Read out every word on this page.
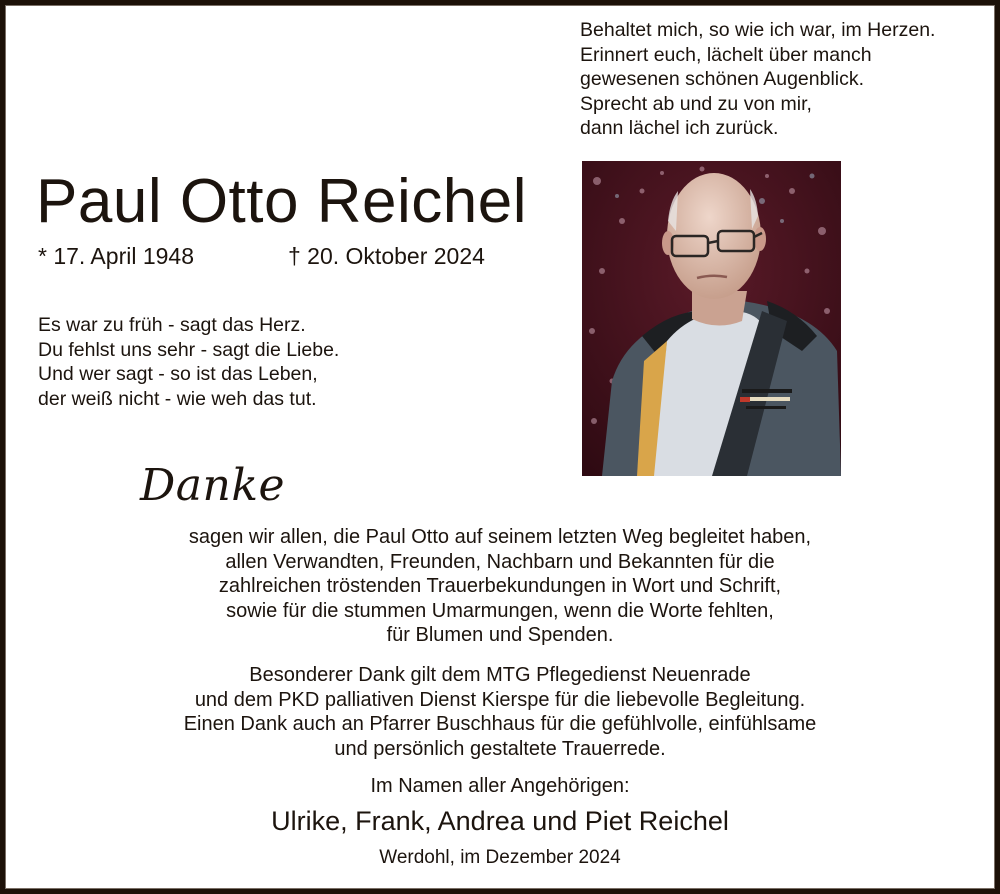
Behaltet mich, so wie ich war, im Herzen.
Erinnert euch, lächelt über manch
gewesenen schönen Augenblick.
Sprecht ab und zu von mir,
dann lächel ich zurück.
Paul Otto Reichel
* 17. April 1948	† 20. Oktober 2024
Es war zu früh - sagt das Herz.
Du fehlst uns sehr - sagt die Liebe.
Und wer sagt - so ist das Leben,
der weiß nicht - wie weh das tut.
Danke
sagen wir allen, die Paul Otto auf seinem letzten Weg begleitet haben,
allen Verwandten, Freunden, Nachbarn und Bekannten für die
zahlreichen tröstenden Trauerbekundungen in Wort und Schrift,
sowie für die stummen Umarmungen, wenn die Worte fehlten,
für Blumen und Spenden.
Besonderer Dank gilt dem MTG Pflegedienst Neuenrade
und dem PKD palliativen Dienst Kierspe für die liebevolle Begleitung.
Einen Dank auch an Pfarrer Buschhaus für die gefühlvolle, einfühlsame
und persönlich gestaltete Trauerrede.
Im Namen aller Angehörigen:
Ulrike, Frank, Andrea und Piet Reichel
Werdohl, im Dezember 2024
